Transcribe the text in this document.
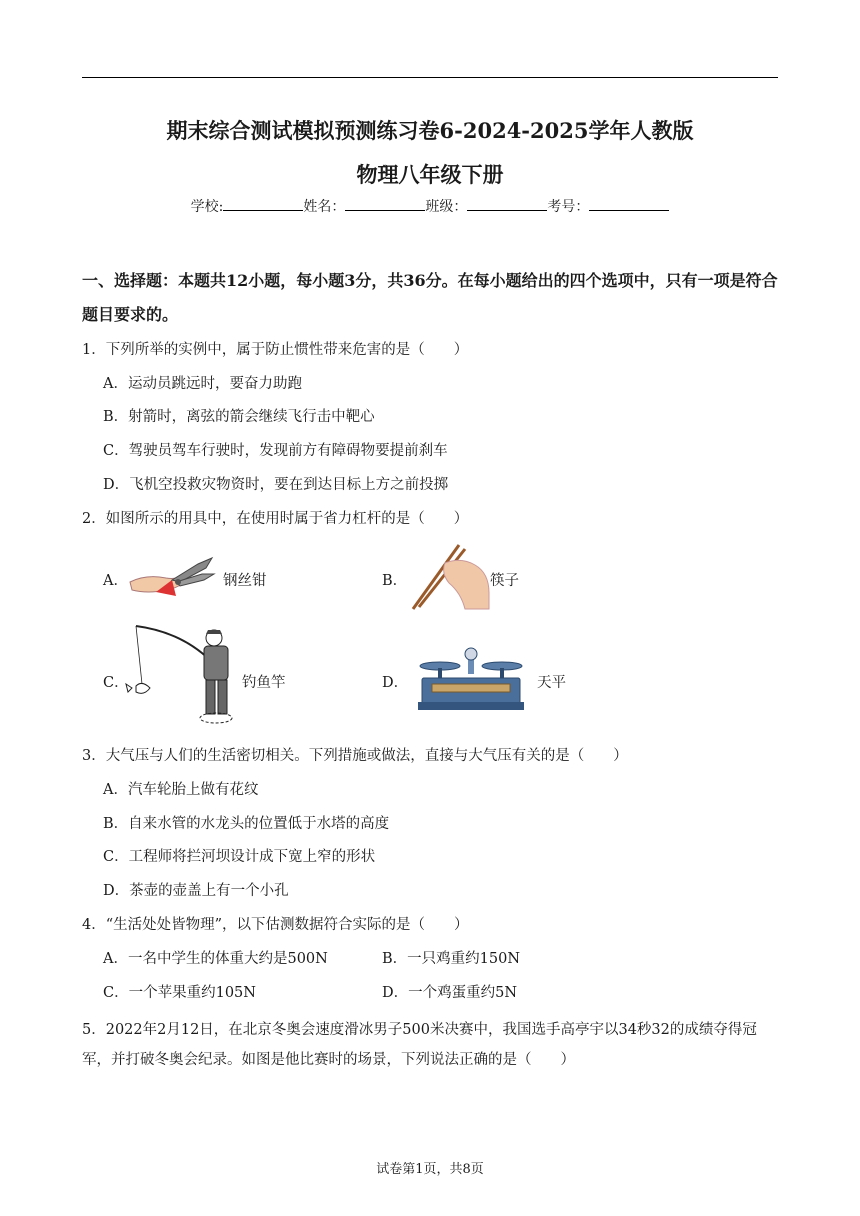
期末综合测试模拟预测练习卷6-2024-2025学年人教版
物理八年级下册
学校:	姓名：	班级：	考号：
一、选择题：本题共12小题，每小题3分，共36分。在每小题给出的四个选项中，只有一项是符合题目要求的。
1．下列所举的实例中，属于防止惯性带来危害的是（　　）
A．运动员跳远时，要奋力助跑
B．射箭时，离弦的箭会继续飞行击中靶心
C．驾驶员驾车行驶时，发现前方有障碍物要提前刹车
D．飞机空投救灾物资时，要在到达目标上方之前投掷
2．如图所示的用具中，在使用时属于省力杠杆的是（　　）
A．	钢丝钳	B．	筷子
C．	钓鱼竿	D．	天平
3．大气压与人们的生活密切相关。下列措施或做法，直接与大气压有关的是（　　）
A．汽车轮胎上做有花纹
B．自来水管的水龙头的位置低于水塔的高度
C．工程师将拦河坝设计成下宽上窄的形状
D．茶壶的壶盖上有一个小孔
4．“生活处处皆物理”，以下估测数据符合实际的是（　　）
A．一名中学生的体重大约是500N	B．一只鸡重约150N
C．一个苹果重约105N	D．一个鸡蛋重约5N
5．2022年2月12日，在北京冬奥会速度滑冰男子500米决赛中，我国选手高亭宇以34秒32的成绩夺得冠军，并打破冬奥会纪录。如图是他比赛时的场景，下列说法正确的是（　　）
试卷第1页，共8页
